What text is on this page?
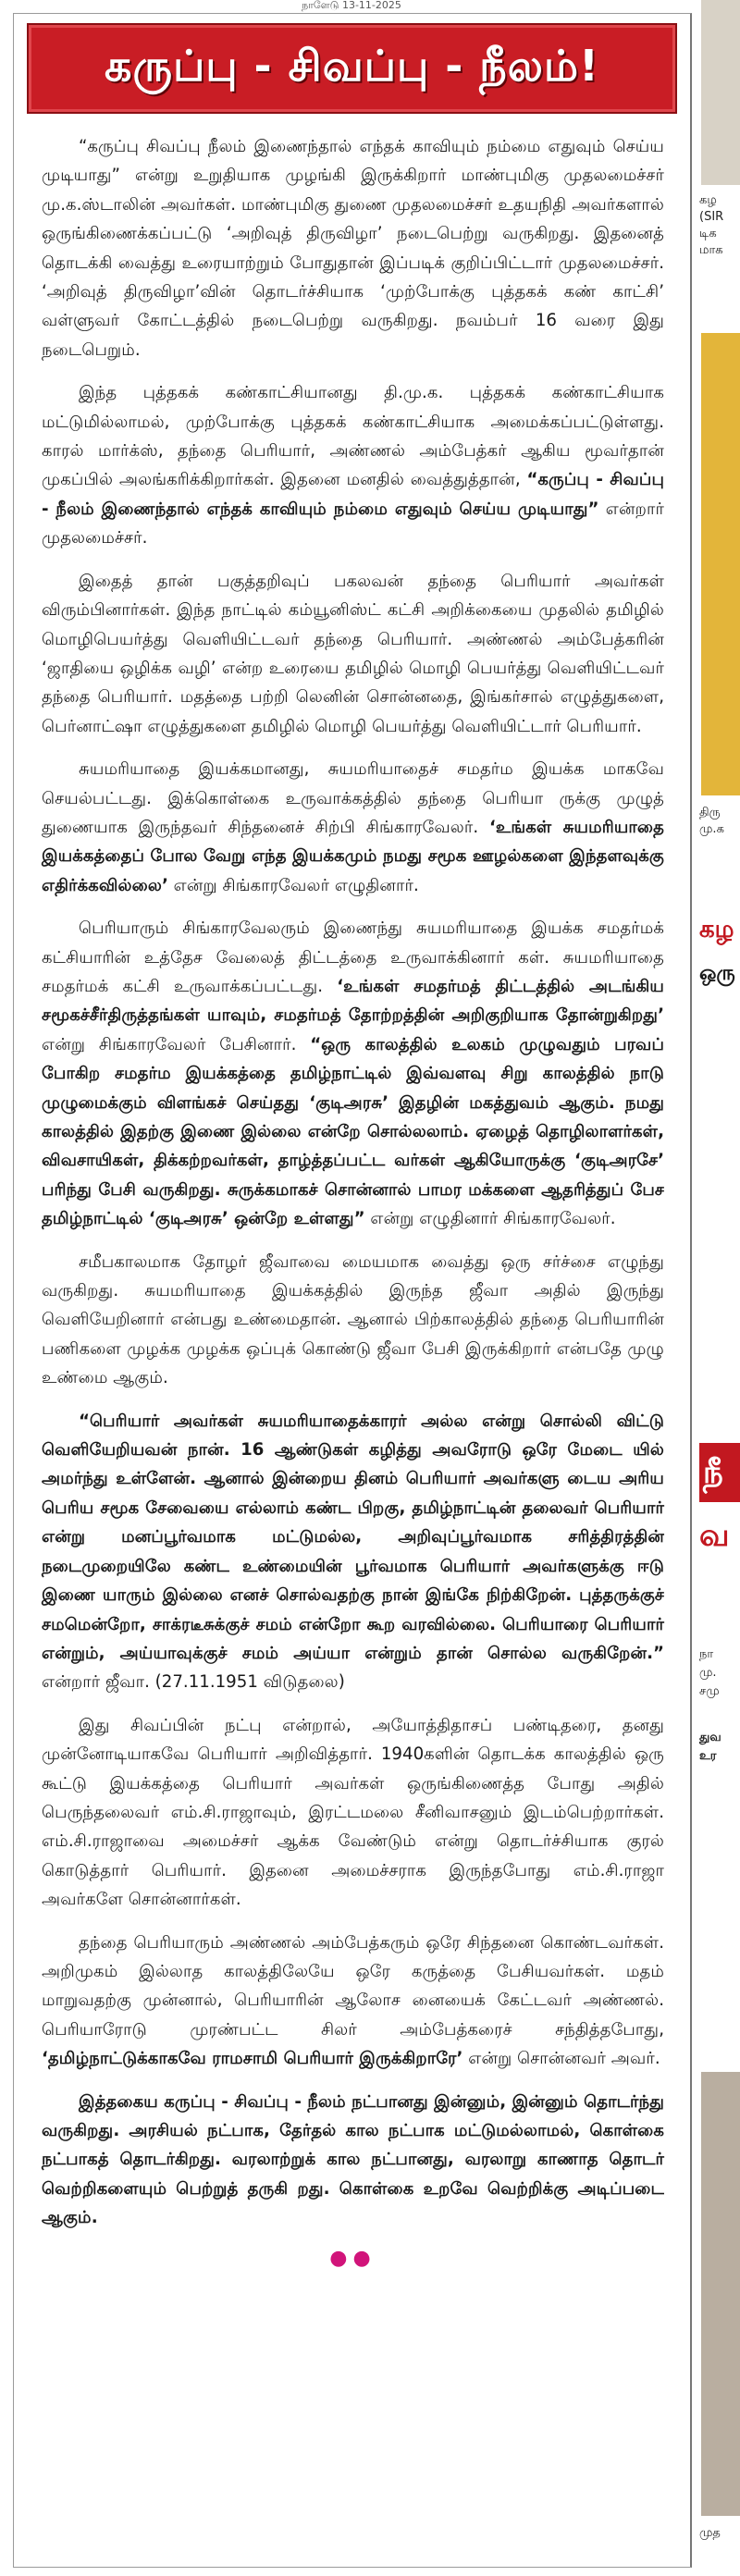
நாளேடு 13-11-2025
கருப்பு - சிவப்பு - நீலம்!

“கருப்பு சிவப்பு நீலம் இணைந்தால் எந்தக் காவியும் நம்மை எதுவும் செய்ய முடியாது” என்று உறுதியாக முழங்கி இருக்கிறார் மாண்புமிகு முதலமைச்சர் மு.க.ஸ்டாலின் அவர்கள். மாண்புமிகு துணை முதலமைச்சர் உதயநிதி அவர்களால் ஒருங்கிணைக்கப்பட்டு ‘அறிவுத் திருவிழா’ நடைபெற்று வருகிறது. இதனைத் தொடக்கி வைத்து உரையாற்றும் போதுதான் இப்படிக் குறிப்பிட்டார் முதலமைச்சர். ‘அறிவுத் திருவிழா’வின் தொடர்ச்சியாக ‘முற்போக்கு புத்தகக் கண் காட்சி’ வள்ளுவர் கோட்டத்தில் நடைபெற்று வருகிறது. நவம்பர் 16 வரை இது நடைபெறும்.

இந்த புத்தகக் கண்காட்சியானது தி.மு.க. புத்தகக் கண்காட்சியாக மட்டுமில்லாமல், முற்போக்கு புத்தகக் கண்காட்சியாக அமைக்கப்பட்டுள்ளது. காரல் மார்க்ஸ், தந்தை பெரியார், அண்ணல் அம்பேத்கர் ஆகிய மூவர்தான் முகப்பில் அலங்கரிக்கிறார்கள். இதனை மனதில் வைத்துத்தான், “கருப்பு - சிவப்பு - நீலம் இணைந்தால் எந்தக் காவியும் நம்மை எதுவும் செய்ய முடியாது” என்றார் முதலமைச்சர்.

இதைத் தான் பகுத்தறிவுப் பகலவன் தந்தை பெரியார் அவர்கள் விரும்பினார்கள். இந்த நாட்டில் கம்யூனிஸ்ட் கட்சி அறிக்கையை முதலில் தமிழில் மொழிபெயர்த்து வெளியிட்டவர் தந்தை பெரியார். அண்ணல் அம்பேத்கரின் ‘ஜாதியை ஒழிக்க வழி’ என்ற உரையை தமிழில் மொழி பெயர்த்து வெளியிட்டவர் தந்தை பெரியார். மதத்தை பற்றி லெனின் சொன்னதை, இங்கர்சால் எழுத்துகளை, பெர்னாட்ஷா எழுத்துகளை தமிழில் மொழி பெயர்த்து வெளியிட்டார் பெரியார்.

சுயமரியாதை இயக்கமானது, சுயமரியாதைச் சமதர்ம இயக்க மாகவே செயல்பட்டது. இக்கொள்கை உருவாக்கத்தில் தந்தை பெரியா ருக்கு முழுத் துணையாக இருந்தவர் சிந்தனைச் சிற்பி சிங்காரவேலர். ‘உங்கள் சுயமரியாதை இயக்கத்தைப் போல வேறு எந்த இயக்கமும் நமது சமூக ஊழல்களை இந்தளவுக்கு எதிர்க்கவில்லை’ என்று சிங்காரவேலர் எழுதினார்.

பெரியாரும் சிங்காரவேலரும் இணைந்து சுயமரியாதை இயக்க சமதர்மக் கட்சியாரின் உத்தேச வேலைத் திட்டத்தை உருவாக்கினார் கள். சுயமரியாதை சமதர்மக் கட்சி உருவாக்கப்பட்டது. ‘உங்கள் சமதர்மத் திட்டத்தில் அடங்கிய சமூகச்சீர்திருத்தங்கள் யாவும், சமதர்மத் தோற்றத்தின் அறிகுறியாக தோன்றுகிறது’ என்று சிங்காரவேலர் பேசினார். “ஒரு காலத்தில் உலகம் முழுவதும் பரவப் போகிற சமதர்ம இயக்கத்தை தமிழ்நாட்டில் இவ்வளவு சிறு காலத்தில் நாடு முழுமைக்கும் விளங்கச் செய்தது ‘குடிஅரசு’ இதழின் மகத்துவம் ஆகும். நமது காலத்தில் இதற்கு இணை இல்லை என்றே சொல்லலாம். ஏழைத் தொழிலாளர்கள், விவசாயிகள், திக்கற்றவர்கள், தாழ்த்தப்பட்ட வர்கள் ஆகியோருக்கு ‘குடிஅரசே’ பரிந்து பேசி வருகிறது. சுருக்கமாகச் சொன்னால் பாமர மக்களை ஆதரித்துப் பேச தமிழ்நாட்டில் ‘குடிஅரசு’ ஒன்றே உள்ளது” என்று எழுதினார் சிங்காரவேலர்.

சமீபகாலமாக தோழர் ஜீவாவை மையமாக வைத்து ஒரு சர்ச்சை எழுந்து வருகிறது. சுயமரியாதை இயக்கத்தில் இருந்த ஜீவா அதில் இருந்து வெளியேறினார் என்பது உண்மைதான். ஆனால் பிற்காலத்தில் தந்தை பெரியாரின் பணிகளை முழக்க முழக்க ஒப்புக் கொண்டு ஜீவா பேசி இருக்கிறார் என்பதே முழு உண்மை ஆகும்.

“பெரியார் அவர்கள் சுயமரியாதைக்காரர் அல்ல என்று சொல்லி விட்டு வெளியேறியவன் நான். 16 ஆண்டுகள் கழித்து அவரோடு ஒரே மேடை யில் அமர்ந்து உள்ளேன். ஆனால் இன்றைய தினம் பெரியார் அவர்களு டைய அரிய பெரிய சமூக சேவையை எல்லாம் கண்ட பிறகு, தமிழ்நாட்டின் தலைவர் பெரியார் என்று மனப்பூர்வமாக மட்டுமல்ல, அறிவுப்பூர்வமாக சரித்திரத்தின் நடைமுறையிலே கண்ட உண்மையின் பூர்வமாக பெரியார் அவர்களுக்கு ஈடு இணை யாரும் இல்லை எனச் சொல்வதற்கு நான் இங்கே நிற்கிறேன். புத்தருக்குச் சமமென்றோ, சாக்ரடீசுக்குச் சமம் என்றோ கூற வரவில்லை. பெரியாரை பெரியார் என்றும், அய்யாவுக்குச் சமம் அய்யா என்றும் தான் சொல்ல வருகிறேன்.” என்றார் ஜீவா. (27.11.1951 விடுதலை)

இது சிவப்பின் நட்பு என்றால், அயோத்திதாசப் பண்டிதரை, தனது முன்னோடியாகவே பெரியார் அறிவித்தார். 1940களின் தொடக்க காலத்தில் ஒரு கூட்டு இயக்கத்தை பெரியார் அவர்கள் ஒருங்கிணைத்த போது அதில் பெருந்தலைவர் எம்.சி.ராஜாவும், இரட்டமலை சீனிவாசனும் இடம்பெற்றார்கள். எம்.சி.ராஜாவை அமைச்சர் ஆக்க வேண்டும் என்று தொடர்ச்சியாக குரல் கொடுத்தார் பெரியார். இதனை அமைச்சராக இருந்தபோது எம்.சி.ராஜா அவர்களே சொன்னார்கள்.

தந்தை பெரியாரும் அண்ணல் அம்பேத்கரும் ஒரே சிந்தனை கொண்டவர்கள். அறிமுகம் இல்லாத காலத்திலேயே ஒரே கருத்தை பேசியவர்கள். மதம் மாறுவதற்கு முன்னால், பெரியாரின் ஆலோச னையைக் கேட்டவர் அண்ணல். பெரியாரோடு முரண்பட்ட சிலர் அம்பேத்கரைச் சந்தித்தபோது, ‘தமிழ்நாட்டுக்காகவே ராமசாமி பெரியார் இருக்கிறாரே’ என்று சொன்னவர் அவர்.

இத்தகைய கருப்பு - சிவப்பு - நீலம் நட்பானது இன்னும், இன்னும் தொடர்ந்து வருகிறது. அரசியல் நட்பாக, தேர்தல் கால நட்பாக மட்டுமல்லாமல், கொள்கை நட்பாகத் தொடர்கிறது. வரலாற்றுக் கால நட்பானது, வரலாறு காணாத தொடர் வெற்றிகளையும் பெற்றுத் தருகி றது. கொள்கை உறவே வெற்றிக்கு அடிப்படை ஆகும்.

●●
கழ
(SIR
டிக
மாக
திரு
மு.க
கழ
ஒரு
நீ
வ
நா
மு.
சமு
துவ
உர
முத
